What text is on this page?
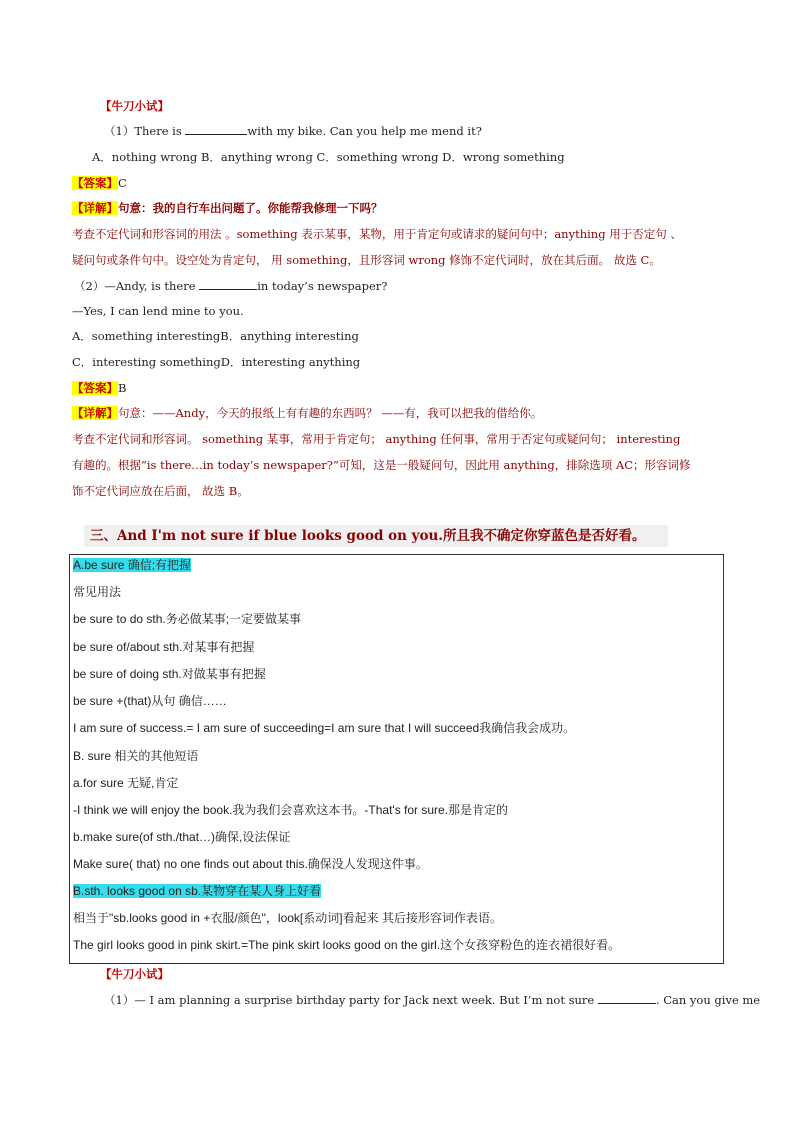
【牛刀小试】
（1）There is	with my bike. Can you help me mend it?
A．nothing wrong B．anything wrong C．something wrong D．wrong something
【答案】C
【详解】句意：我的自行车出问题了。你能帮我修理一下吗？
考查不定代词和形容词的用法 。something 表示某事，某物，用于肯定句或请求的疑问句中；anything 用于否定句 、
疑问句或条件句中。设空处为肯定句， 用 something，且形容词 wrong 修饰不定代词时，放在其后面。 故选 C。
（2）—Andy, is there	in today’s newspaper?
—Yes, I can lend mine to you.
A．something interestingB．anything interesting
C．interesting somethingD．interesting anything
【答案】B
【详解】句意：——Andy，今天的报纸上有有趣的东西吗？ ——有，我可以把我的借给你。
考查不定代词和形容词。 something 某事，常用于肯定句； anything 任何事，常用于否定句或疑问句； interesting
有趣的。根据“is there…in today’s newspaper?”可知，这是一般疑问句，因此用 anything，排除选项 AC；形容词修
饰不定代词应放在后面， 故选 B。
三、And I'm not sure if blue looks good on you.所且我不确定你穿蓝色是否好看。
A.be sure 确信;有把握
常见用法
be sure to do sth.务必做某事;一定要做某事
be sure of/about sth.对某事有把握
be sure of doing sth.对做某事有把握
be sure +(that)从句 确信……
I am sure of success.= I am sure of succeeding=I am sure that I will succeed我确信我会成功。
B. sure 相关的其他短语
a.for sure 无疑,肯定
-I think we will enjoy the book.我为我们会喜欢这本书。-That's for sure.那是肯定的
b.make sure(of sth./that…)确保,设法保证
Make sure( that) no one finds out about this.确保没人发现这件事。
B.sth. looks good on sb.某物穿在某人身上好看
相当于"sb.looks good in +衣服/颜色"，look[系动词]看起来 其后接形容词作表语。
The girl looks good in pink skirt.=The pink skirt looks good on the girl.这个女孩穿粉色的连衣裙很好看。
【牛刀小试】
（1）— I am planning a surprise birthday party for Jack next week. But I’m not sure	. Can you give me
